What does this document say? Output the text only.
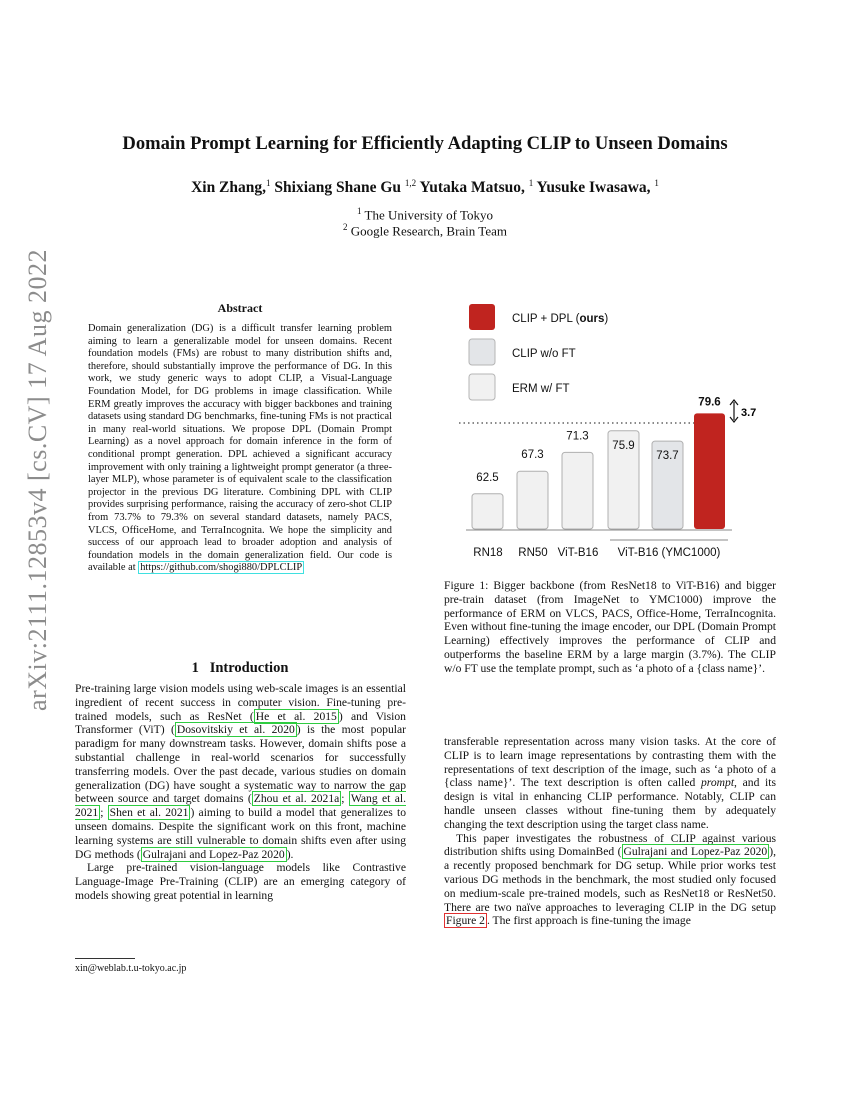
arXiv:2111.12853v4 [cs.CV] 17 Aug 2022
Domain Prompt Learning for Efficiently Adapting CLIP to Unseen Domains
Xin Zhang,$^1$ Shixiang Shane Gu $^{1,2}$ Yutaka Matsuo, $^1$ Yusuke Iwasawa, $^1$
$^1$ The University of Tokyo
$^2$ Google Research, Brain Team
Abstract
Domain generalization (DG) is a difficult transfer learning problem aiming to learn a generalizable model for unseen domains. Recent foundation models (FMs) are robust to many distribution shifts and, therefore, should substantially improve the performance of DG. In this work, we study generic ways to adopt CLIP, a Visual-Language Foundation Model, for DG problems in image classification. While ERM greatly improves the accuracy with bigger backbones and training datasets using standard DG benchmarks, fine-tuning FMs is not practical in many real-world situations. We propose DPL (Domain Prompt Learning) as a novel approach for domain inference in the form of conditional prompt generation. DPL achieved a significant accuracy improvement with only training a lightweight prompt generator (a three-layer MLP), whose parameter is of equivalent scale to the classification projector in the previous DG literature. Combining DPL with CLIP provides surprising performance, raising the accuracy of zero-shot CLIP from 73.7% to 79.3% on several standard datasets, namely PACS, VLCS, OfficeHome, and TerraIncognita. We hope the simplicity and success of our approach lead to broader adoption and analysis of foundation models in the domain generalization field. Our code is available at https://github.com/shogi880/DPLCLIP
1 Introduction

Pre-training large vision models using web-scale images is an essential ingredient of recent success in computer vision. Fine-tuning pre-trained models, such as ResNet ( He et al. 2015 ) and Vision Transformer (ViT) ( Dosovitskiy et al. 2020 ) is the most popular paradigm for many downstream tasks. However, domain shifts pose a substantial challenge in real-world scenarios for successfully transferring models. Over the past decade, various studies on domain generalization (DG) have sought a systematic way to narrow the gap between source and target domains ( Zhou et al. 2021a ; Wang et al. 2021 ; Shen et al. 2021 ) aiming to build a model that generalizes to unseen domains. Despite the significant work on this front, machine learning systems are still vulnerable to domain shifts even after using DG methods ( Gulrajani and Lopez-Paz 2020 ).

Large pre-trained vision-language models like Contrastive Language-Image Pre-Training (CLIP) are an emerging category of models showing great potential in learning

xin@weblab.t.u-tokyo.ac.jp
CLIP + DPL (ours)
CLIP w/o FT
ERM w/ FT
62.5
67.3
71.3
75.9
73.7
79.6
RN18 RN50 ViT-B16 ViT-B16 (YMC1000)
3.7
Figure 1: Bigger backbone (from ResNet18 to ViT-B16) and bigger pre-train dataset (from ImageNet to YMC1000) improve the performance of ERM on VLCS, PACS, Office-Home, TerraIncognita. Even without fine-tuning the image encoder, our DPL (Domain Prompt Learning) effectively improves the performance of CLIP and outperforms the baseline ERM by a large margin (3.7%). The CLIP w/o FT use the template prompt, such as ‘a photo of a {class name}’.

transferable representation across many vision tasks. At the core of CLIP is to learn image representations by contrasting them with the representations of text description of the image, such as ‘a photo of a {class name}’. The text description is often called prompt, and its design is vital in enhancing CLIP performance. Notably, CLIP can handle unseen classes without fine-tuning them by adequately changing the text description using the target class name.

This paper investigates the robustness of CLIP against various distribution shifts using DomainBed ( Gulrajani and Lopez-Paz 2020 ), a recently proposed benchmark for DG setup. While prior works test various DG methods in the benchmark, the most studied only focused on medium-scale pre-trained models, such as ResNet18 or ResNet50. There are two naïve approaches to leveraging CLIP in the DG setup Figure 2 . The first approach is fine-tuning the image
